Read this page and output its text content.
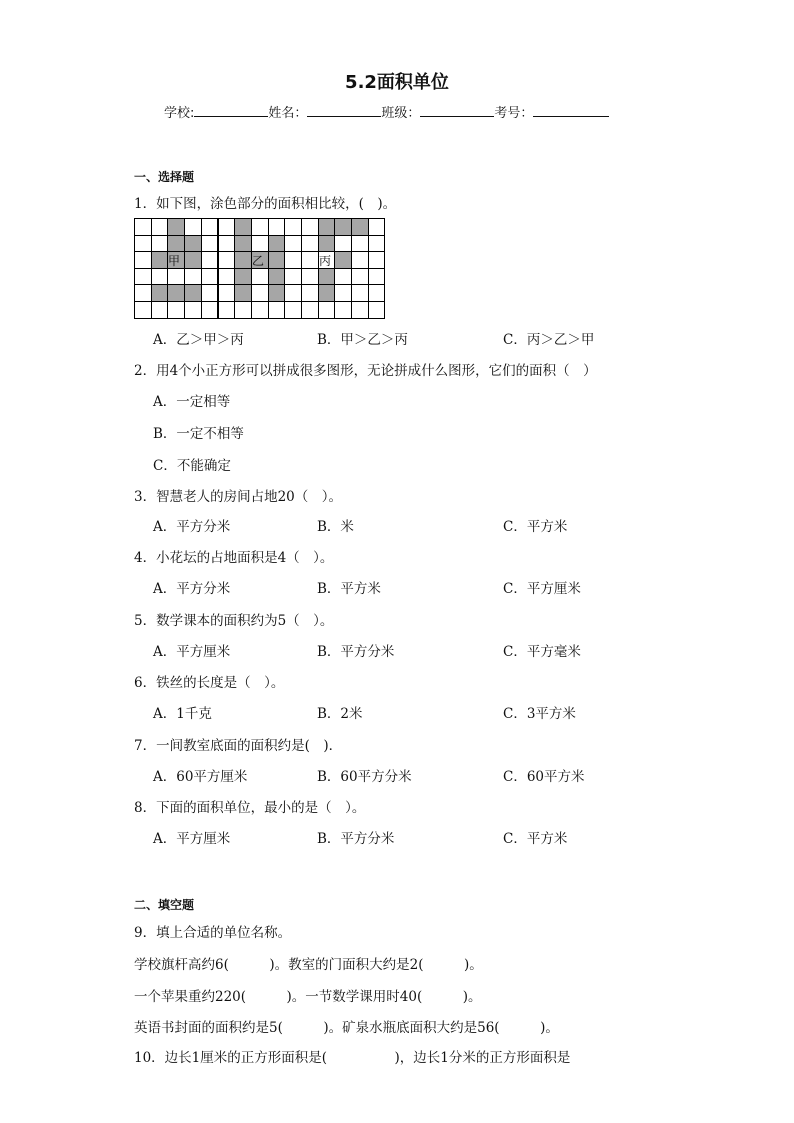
5.2面积单位
学校:	姓名：	班级：	考号：
一、选择题
1．如下图，涂色部分的面积相比较，(　)。
甲	乙	丙
A．乙＞甲＞丙	B．甲＞乙＞丙	C．丙＞乙＞甲
2．用4个小正方形可以拼成很多图形，无论拼成什么图形，它们的面积（　）
A．一定相等
B．一定不相等
C．不能确定
3．智慧老人的房间占地20（　）。
A．平方分米	B．米	C．平方米
4．小花坛的占地面积是4（　）。
A．平方分米	B．平方米	C．平方厘米
5．数学课本的面积约为5（　）。
A．平方厘米	B．平方分米	C．平方毫米
6．铁丝的长度是（　）。
A．1千克	B．2米	C．3平方米
7．一间教室底面的面积约是(　)．
A．60平方厘米	B．60平方分米	C．60平方米
8．下面的面积单位，最小的是（　）。
A．平方厘米	B．平方分米	C．平方米
二、填空题
9．填上合适的单位名称。
学校旗杆高约6(　　　)。教室的门面积大约是2(　　　)。
一个苹果重约220(　　　)。一节数学课用时40(　　　)。
英语书封面的面积约是5(　　　)。矿泉水瓶底面积大约是56(　　　)。
10．边长1厘米的正方形面积是(　　　　　)，边长1分米的正方形面积是
